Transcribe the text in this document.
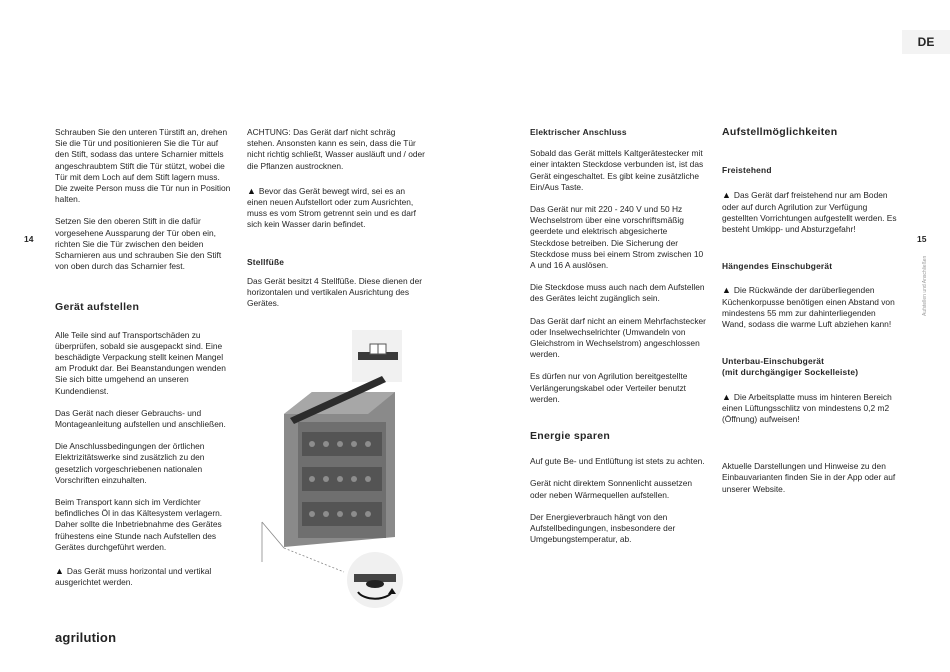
14	15
DE
Aufstellen und Anschließen

Schrauben Sie den unteren Türstift an, drehen Sie die Tür und positionieren Sie die Tür auf den Stift, sodass das untere Scharnier mittels angeschraubtem Stift die Tür stützt, wobei die Tür mit dem Loch auf dem Stift lagern muss. Die zweite Person muss die Tür nun in Position halten.

Setzen Sie den oberen Stift in die dafür vorgesehene Aussparung der Tür oben ein, richten Sie die Tür zwischen den beiden Scharnieren aus und schrauben Sie den Stift von oben durch das Scharnier fest.

Gerät aufstellen

Alle Teile sind auf Transportschäden zu überprüfen, sobald sie ausgepackt sind. Eine beschädigte Verpackung stellt keinen Mangel am Produkt dar. Bei Beanstandungen wenden Sie sich bitte umgehend an unseren Kundendienst.

Das Gerät nach dieser Gebrauchs- und Montageanleitung aufstellen und anschließen.

Die Anschlussbedingungen der örtlichen Elektrizitätswerke sind zusätzlich zu den gesetzlich vorgeschriebenen nationalen Vorschriften einzuhalten.

Beim Transport kann sich im Verdichter befindliches Öl in das Kältesystem verlagern. Daher sollte die Inbetriebnahme des Gerätes frühestens eine Stunde nach Aufstellen des Gerätes durchgeführt werden.

▲ Das Gerät muss horizontal und vertikal ausgerichtet werden.

ACHTUNG: Das Gerät darf nicht schräg stehen. Ansonsten kann es sein, dass die Tür nicht richtig schließt, Wasser ausläuft und / oder die Pflanzen austrocknen.

▲ Bevor das Gerät bewegt wird, sei es an einen neuen Aufstellort oder zum Ausrichten, muss es vom Strom getrennt sein und es darf sich kein Wasser darin befindet.

Stellfüße

Das Gerät besitzt 4 Stellfüße. Diese dienen der horizontalen und vertikalen Ausrichtung des Gerätes.

Elektrischer Anschluss

Sobald das Gerät mittels Kaltgerätestecker mit einer intakten Steckdose verbunden ist, ist das Gerät eingeschaltet. Es gibt keine zusätzliche Ein/Aus Taste.

Das Gerät nur mit 220 - 240 V und 50 Hz Wechselstrom über eine vorschriftsmäßig geerdete und elektrisch abgesicherte Steckdose betreiben. Die Sicherung der Steckdose muss bei einem Strom zwischen 10 A und 16 A auslösen.

Die Steckdose muss auch nach dem Aufstellen des Gerätes leicht zugänglich sein.

Das Gerät darf nicht an einem Mehrfachstecker oder Inselwechselrichter (Umwandeln von Gleichstrom in Wechselstrom) angeschlossen werden.

Es dürfen nur von Agrilution bereitgestellte Verlängerungskabel oder Verteiler benutzt werden.

Energie sparen

Auf gute Be- und Entlüftung ist stets zu achten.

Gerät nicht direktem Sonnenlicht aussetzen oder neben Wärmequellen aufstellen.

Der Energieverbrauch hängt von den Aufstellbedingungen, insbesondere der Umgebungstemperatur, ab.

Aufstellmöglichkeiten
Freistehend

▲ Das Gerät darf freistehend nur am Boden oder auf durch Agrilution zur Verfügung gestellten Vorrichtungen aufgestellt werden. Es besteht Umkipp- und Absturzgefahr!

Hängendes Einschubgerät

▲ Die Rückwände der darüberliegenden Küchenkorpusse benötigen einen Abstand von mindestens 55 mm zur dahinterliegenden Wand, sodass die warme Luft abziehen kann!

Unterbau-Einschubgerät
(mit durchgängiger Sockelleiste)

▲ Die Arbeitsplatte muss im hinteren Bereich einen Lüftungsschlitz von mindestens 0,2 m2 (Öffnung) aufweisen!

Aktuelle Darstellungen und Hinweise zu den Einbauvarianten finden Sie in der App oder auf unserer Website.

agrilution
